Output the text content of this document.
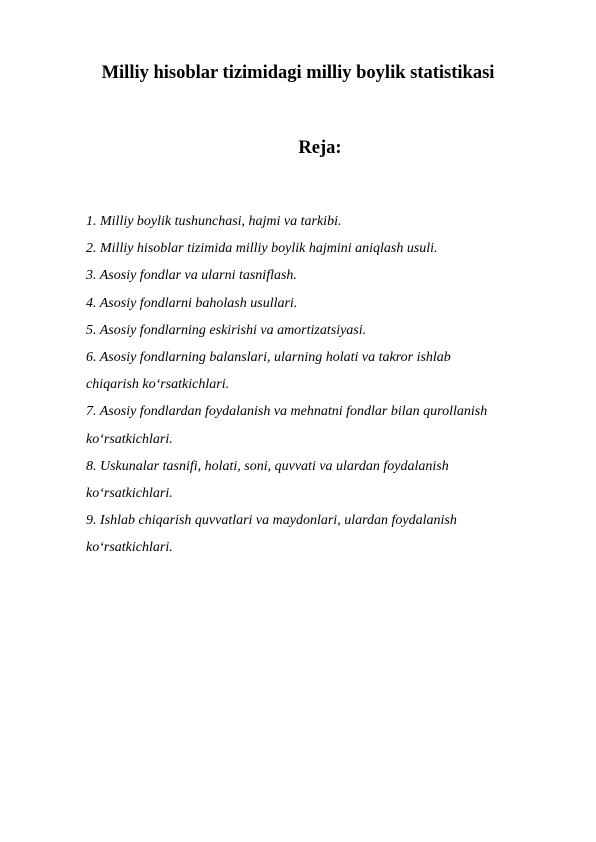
Milliy hisoblar tizimidagi milliy boylik statistikasi
Reja:
1. Milliy boylik tushunchasi, hajmi va tarkibi.
2. Milliy hisoblar tizimida milliy boylik hajmini aniqlash usuli.
3. Asosiy fondlar va ularni tasniflash.
4. Asosiy fondlarni baholash usullari.
5. Asosiy fondlarning eskirishi va amortizatsiyasi.
6. Asosiy fondlarning balanslari, ularning holati va takror ishlab
chiqarish koʻrsatkichlari.
7. Asosiy fondlardan foydalanish va mehnatni fondlar bilan qurollanish
koʻrsatkichlari.
8. Uskunalar tasnifi, holati, soni, quvvati va ulardan foydalanish
koʻrsatkichlari.
9. Ishlab chiqarish quvvatlari va maydonlari, ulardan foydalanish
koʻrsatkichlari.
